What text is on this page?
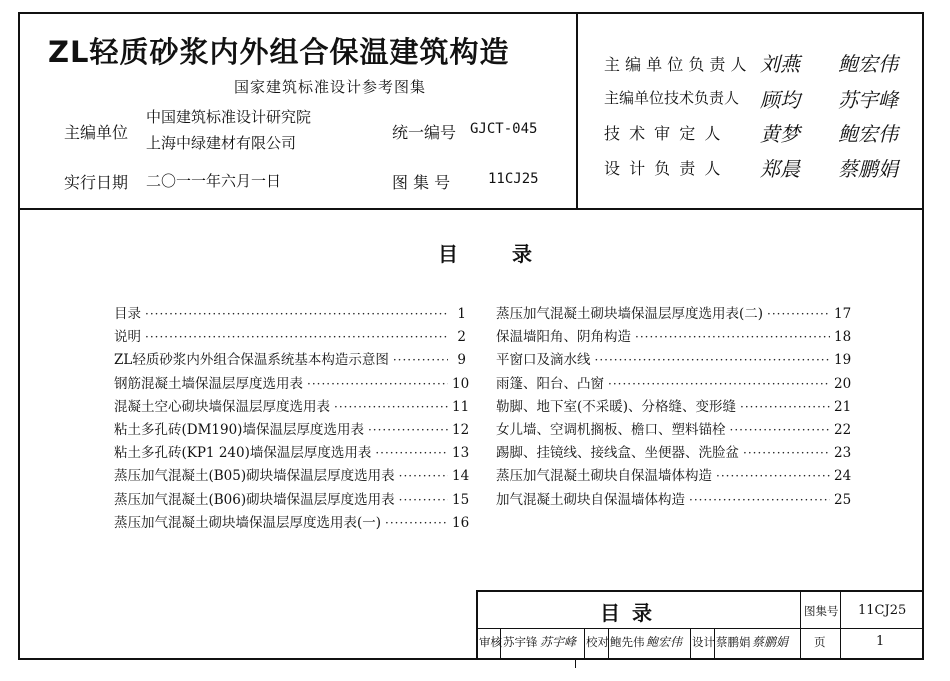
ZL轻质砂浆内外组合保温建筑构造
国家建筑标准设计参考图集
主编单位
中国建筑标准设计研究院
上海中绿建材有限公司
统一编号 GJCT-045
实行日期 二〇一一年六月一日	图 集 号	11CJ25
主 编 单 位 负 责 人 刘燕 鲍宏伟
主编单位技术负责人 顾均 苏宇峰
技 术 审 定 人 黄梦 鲍宏伟
设 计 负 责 人 郑晨 蔡鹏娟
目	录
目录 ·····	1
说明 ·····	2
ZL轻质砂浆内外组合保温系统基本构造示意图 ·····	9
钢筋混凝土墙保温层厚度选用表 ·····	10
混凝土空心砌块墙保温层厚度选用表 ·····	11
粘土多孔砖(DM190)墙保温层厚度选用表 ·····	12
粘土多孔砖(KP1 240)墙保温层厚度选用表 ·····	13
蒸压加气混凝土(B05)砌块墙保温层厚度选用表 ·····	14
蒸压加气混凝土(B06)砌块墙保温层厚度选用表 ·····	15
蒸压加气混凝土砌块墙保温层厚度选用表(一) ·····	16
蒸压加气混凝土砌块墙保温层厚度选用表(二) ·····	17
保温墙阳角、阴角构造 ·····	18
平窗口及滴水线 ·····	19
雨篷、阳台、凸窗 ·····	20
勒脚、地下室(不采暖)、分格缝、变形缝 ·····	21
女儿墙、空调机搁板、檐口、塑料锚栓 ·····	22
踢脚、挂镜线、接线盒、坐便器、洗脸盆 ·····	23
蒸压加气混凝土砌块自保温墙体构造 ·····	24
加气混凝土砌块自保温墙体构造 ·····	25
目录	图集号 11CJ25
审核 苏宇锋 苏宇峰 校对 鲍先伟 鲍宏伟 设计 蔡鹏娟 蔡鹏娟 页	1
